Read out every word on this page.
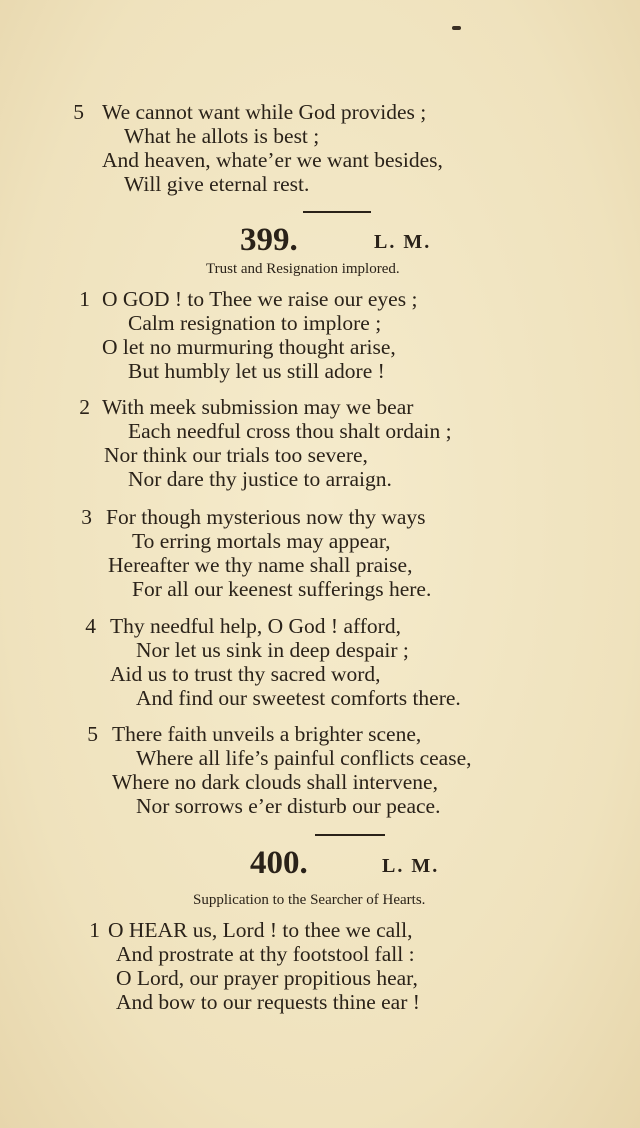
5 We cannot want while God provides ;
What he allots is best ;
And heaven, whate’er we want besides,
Will give eternal rest.
399.	L. M.
Trust and Resignation implored.
1 O GOD ! to Thee we raise our eyes ;
Calm resignation to implore ;
O let no murmuring thought arise,
But humbly let us still adore !
2 With meek submission may we bear
Each needful cross thou shalt ordain ;
Nor think our trials too severe,
Nor dare thy justice to arraign.
3 For though mysterious now thy ways
To erring mortals may appear,
Hereafter we thy name shall praise,
For all our keenest sufferings here.
4 Thy needful help, O God ! afford,
Nor let us sink in deep despair ;
Aid us to trust thy sacred word,
And find our sweetest comforts there.
5 There faith unveils a brighter scene,
Where all life’s painful conflicts cease,
Where no dark clouds shall intervene,
Nor sorrows e’er disturb our peace.
400.	L. M.
Supplication to the Searcher of Hearts.
1 O HEAR us, Lord ! to thee we call,
And prostrate at thy footstool fall :
O Lord, our prayer propitious hear,
And bow to our requests thine ear !
